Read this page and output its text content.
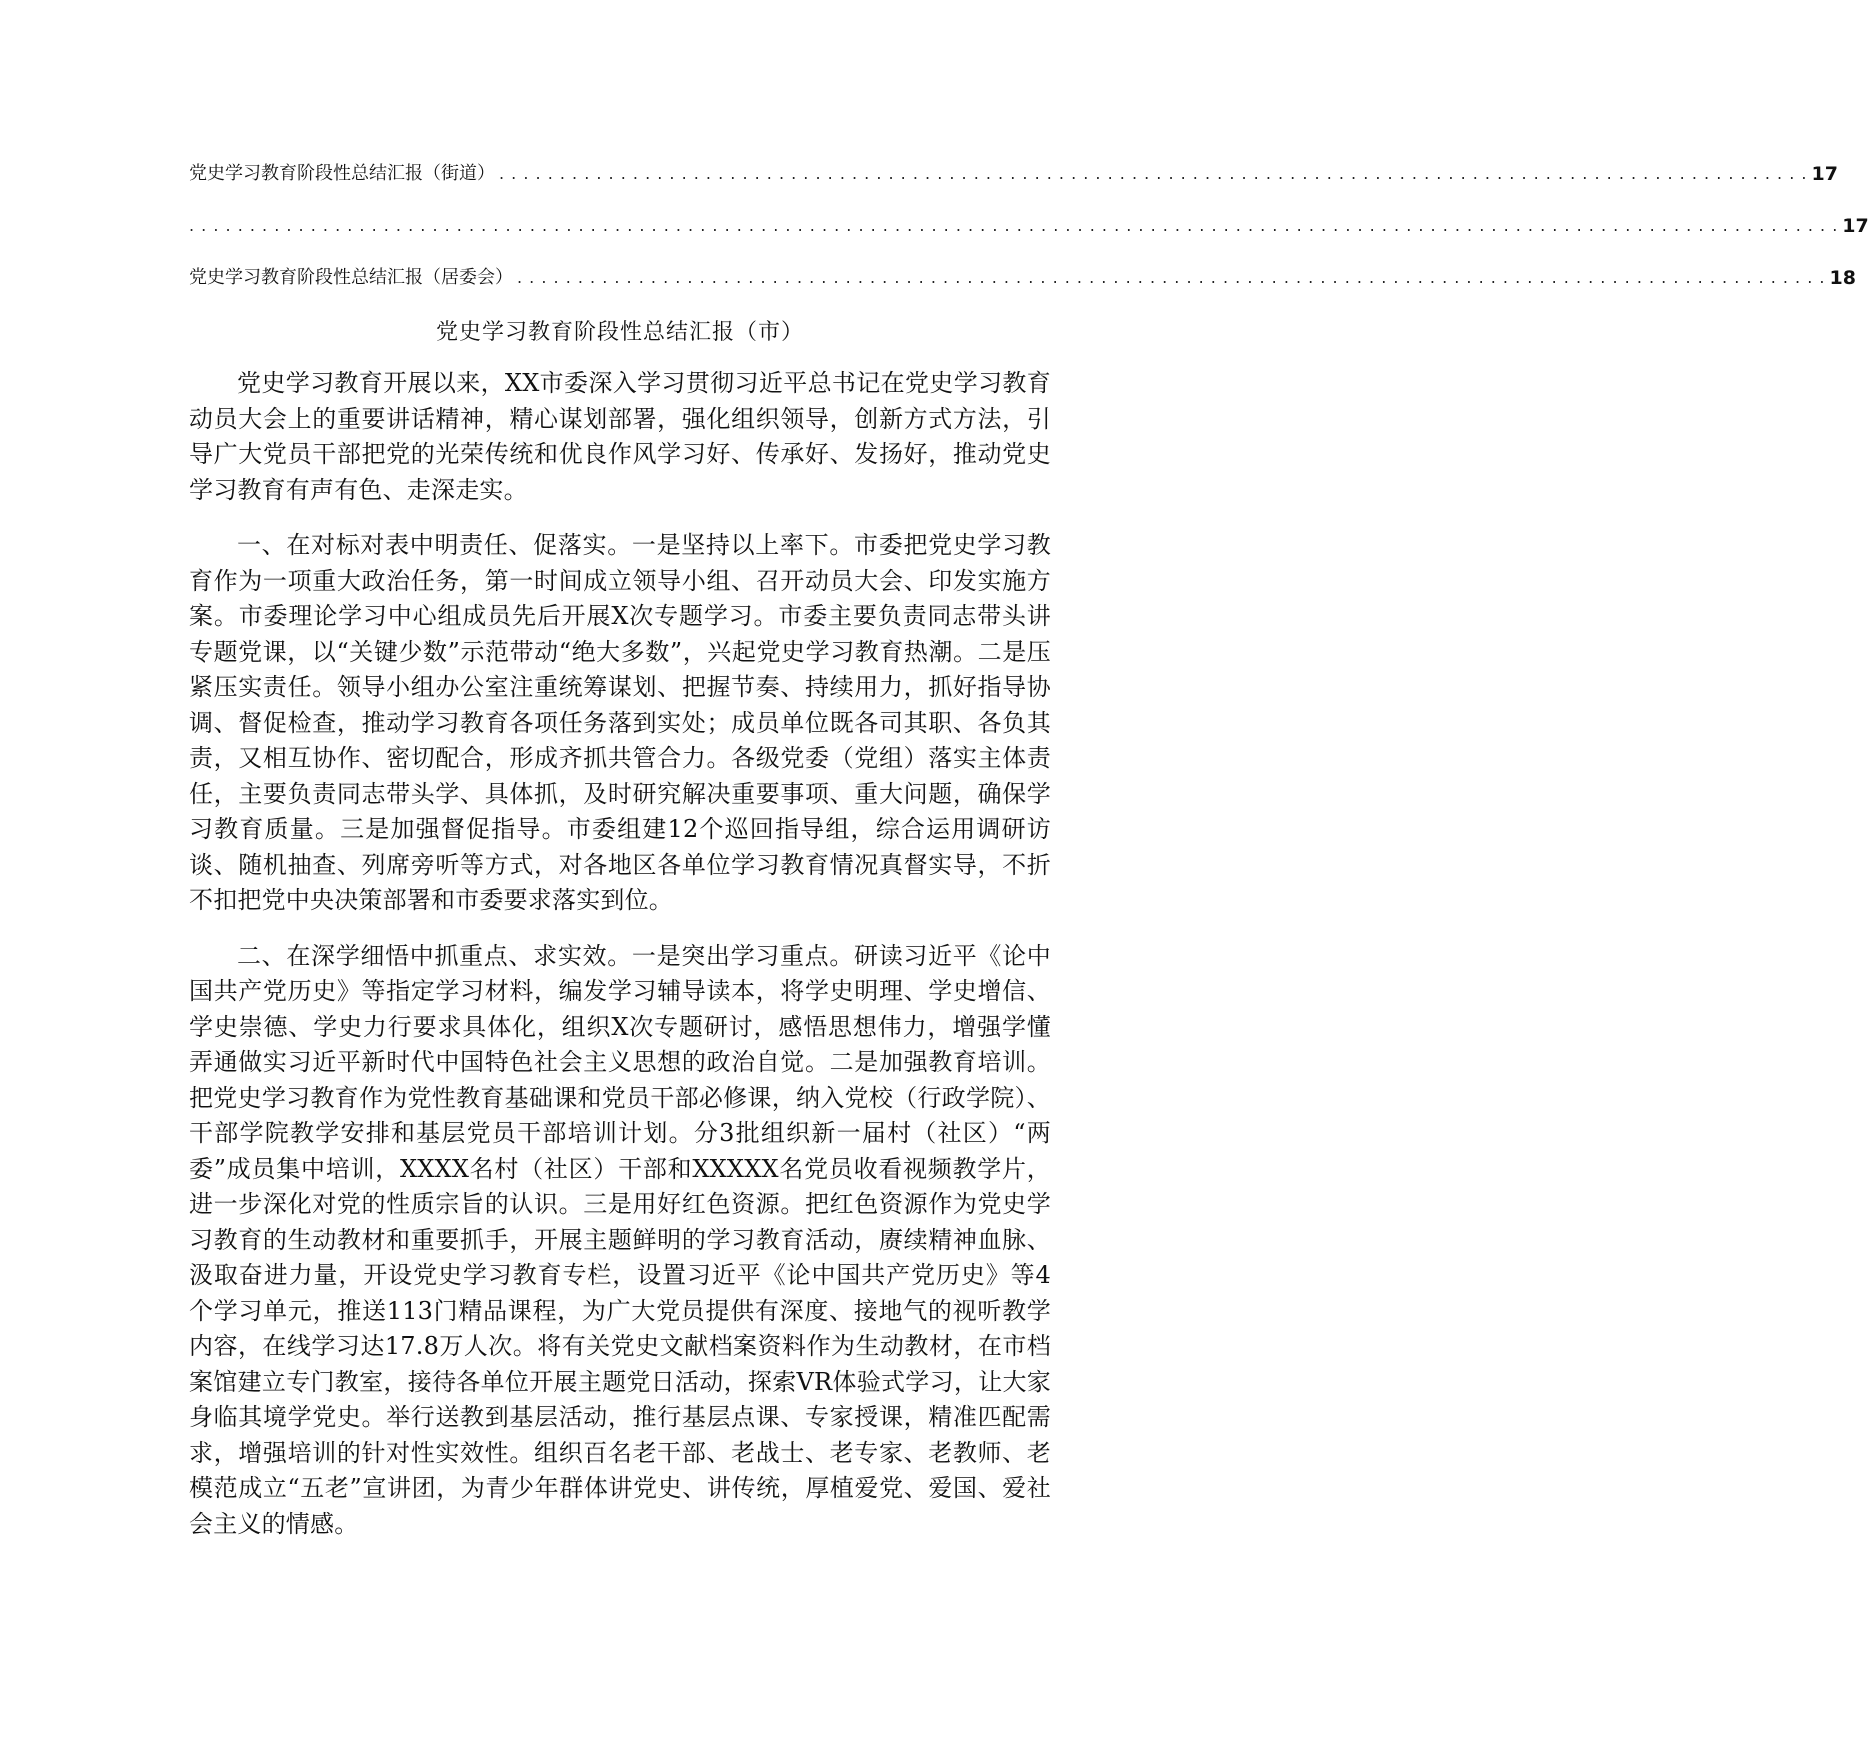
党史学习教育阶段性总结汇报（街道） . . . . . . . . . . . . . . . . . . . . . . . . . . . . . . . . . . . . . . . . . . . . . . . . . . . . . . . . . . . . . . . . . . . . . . . . . . . . . . . . . . . . . . . . . . . . . . . . . . . . . . . . . . . . 17
. . . . . . . . . . . . . . . . . . . . . . . . . . . . . . . . . . . . . . . . . . . . . . . . . . . . . . . . . . . . . . . . . . . . . . . . . . . . . . . . . . . . . . . . . . . . . . . . . . . . . . . . . . . . . . . . . . . . . . . . . . . . . . . . . . . . . . . . 17
党史学习教育阶段性总结汇报（居委会） . . . . . . . . . . . . . . . . . . . . . . . . . . . . . . . . . . . . . . . . . . . . . . . . . . . . . . . . . . . . . . . . . . . . . . . . . . . . . . . . . . . . . . . . . . . . . . . . . . . . . . . . . . . . 18
党史学习教育阶段性总结汇报（市）

党史学习教育开展以来，XX市委深入学习贯彻习近平总书记在党史学习教育动员大会上的重要讲话精神，精心谋划部署，强化组织领导，创新方式方法，引导广大党员干部把党的光荣传统和优良作风学习好、传承好、发扬好，推动党史学习教育有声有色、走深走实。

一、在对标对表中明责任、促落实。一是坚持以上率下。市委把党史学习教育作为一项重大政治任务，第一时间成立领导小组、召开动员大会、印发实施方案。市委理论学习中心组成员先后开展X次专题学习。市委主要负责同志带头讲专题党课，以“关键少数”示范带动“绝大多数”，兴起党史学习教育热潮。二是压紧压实责任。领导小组办公室注重统筹谋划、把握节奏、持续用力，抓好指导协调、督促检查，推动学习教育各项任务落到实处；成员单位既各司其职、各负其责，又相互协作、密切配合，形成齐抓共管合力。各级党委（党组）落实主体责任，主要负责同志带头学、具体抓，及时研究解决重要事项、重大问题，确保学习教育质量。三是加强督促指导。市委组建12个巡回指导组，综合运用调研访谈、随机抽查、列席旁听等方式，对各地区各单位学习教育情况真督实导，不折不扣把党中央决策部署和市委要求落实到位。

二、在深学细悟中抓重点、求实效。一是突出学习重点。研读习近平《论中国共产党历史》等指定学习材料，编发学习辅导读本，将学史明理、学史增信、学史崇德、学史力行要求具体化，组织X次专题研讨，感悟思想伟力，增强学懂弄通做实习近平新时代中国特色社会主义思想的政治自觉。二是加强教育培训。把党史学习教育作为党性教育基础课和党员干部必修课，纳入党校（行政学院）、干部学院教学安排和基层党员干部培训计划。分3批组织新一届村（社区）“两委”成员集中培训，XXXX名村（社区）干部和XXXXX名党员收看视频教学片，进一步深化对党的性质宗旨的认识。三是用好红色资源。把红色资源作为党史学习教育的生动教材和重要抓手，开展主题鲜明的学习教育活动，赓续精神血脉、汲取奋进力量，开设党史学习教育专栏，设置习近平《论中国共产党历史》等4个学习单元，推送113门精品课程，为广大党员提供有深度、接地气的视听教学内容，在线学习达17.8万人次。将有关党史文献档案资料作为生动教材，在市档案馆建立专门教室，接待各单位开展主题党日活动，探索VR体验式学习，让大家身临其境学党史。举行送教到基层活动，推行基层点课、专家授课，精准匹配需求，增强培训的针对性实效性。组织百名老干部、老战士、老专家、老教师、老模范成立“五老”宣讲团，为青少年群体讲党史、讲传统，厚植爱党、爱国、爱社会主义的情感。
